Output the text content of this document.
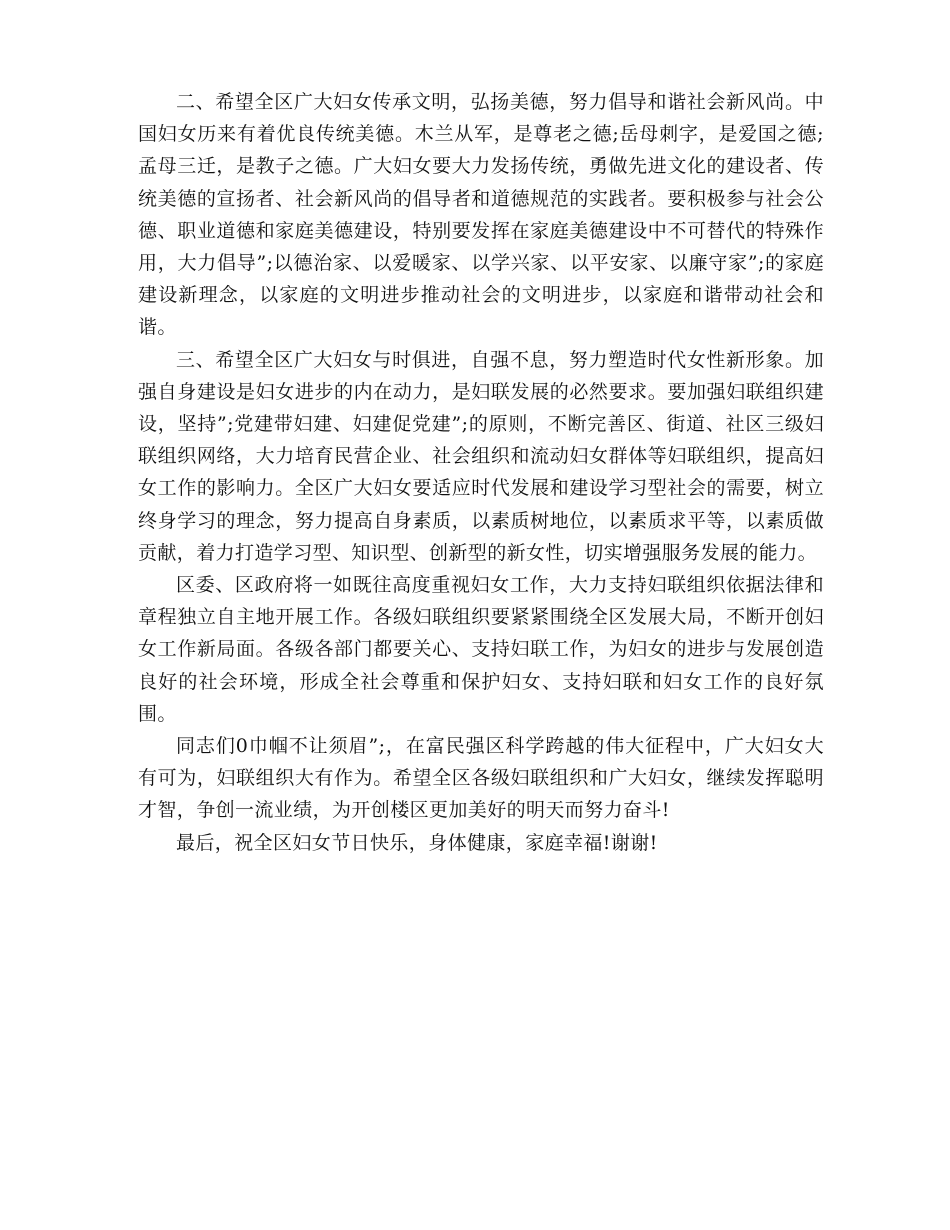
二、希望全区广大妇女传承文明，弘扬美德，努力倡导和谐社会新风尚。中国妇女历来有着优良传统美德。木兰从军，是尊老之德;岳母刺字，是爱国之德;孟母三迁，是教子之德。广大妇女要大力发扬传统，勇做先进文化的建设者、传统美德的宣扬者、社会新风尚的倡导者和道德规范的实践者。要积极参与社会公德、职业道德和家庭美德建设，特别要发挥在家庭美德建设中不可替代的特殊作用，大力倡导”;以德治家、以爱暖家、以学兴家、以平安家、以廉守家”;的家庭建设新理念，以家庭的文明进步推动社会的文明进步，以家庭和谐带动社会和谐。

三、希望全区广大妇女与时俱进，自强不息，努力塑造时代女性新形象。加强自身建设是妇女进步的内在动力，是妇联发展的必然要求。要加强妇联组织建设，坚持”;党建带妇建、妇建促党建”;的原则，不断完善区、街道、社区三级妇联组织网络，大力培育民营企业、社会组织和流动妇女群体等妇联组织，提高妇女工作的影响力。全区广大妇女要适应时代发展和建设学习型社会的需要，树立终身学习的理念，努力提高自身素质，以素质树地位，以素质求平等，以素质做贡献，着力打造学习型、知识型、创新型的新女性，切实增强服务发展的能力。

区委、区政府将一如既往高度重视妇女工作，大力支持妇联组织依据法律和章程独立自主地开展工作。各级妇联组织要紧紧围绕全区发展大局，不断开创妇女工作新局面。各级各部门都要关心、支持妇联工作，为妇女的进步与发展创造良好的社会环境，形成全社会尊重和保护妇女、支持妇联和妇女工作的良好氛围。

同志们0巾帼不让须眉”;，在富民强区科学跨越的伟大征程中，广大妇女大有可为，妇联组织大有作为。希望全区各级妇联组织和广大妇女，继续发挥聪明才智，争创一流业绩，为开创楼区更加美好的明天而努力奋斗!

最后，祝全区妇女节日快乐，身体健康，家庭幸福!谢谢!
